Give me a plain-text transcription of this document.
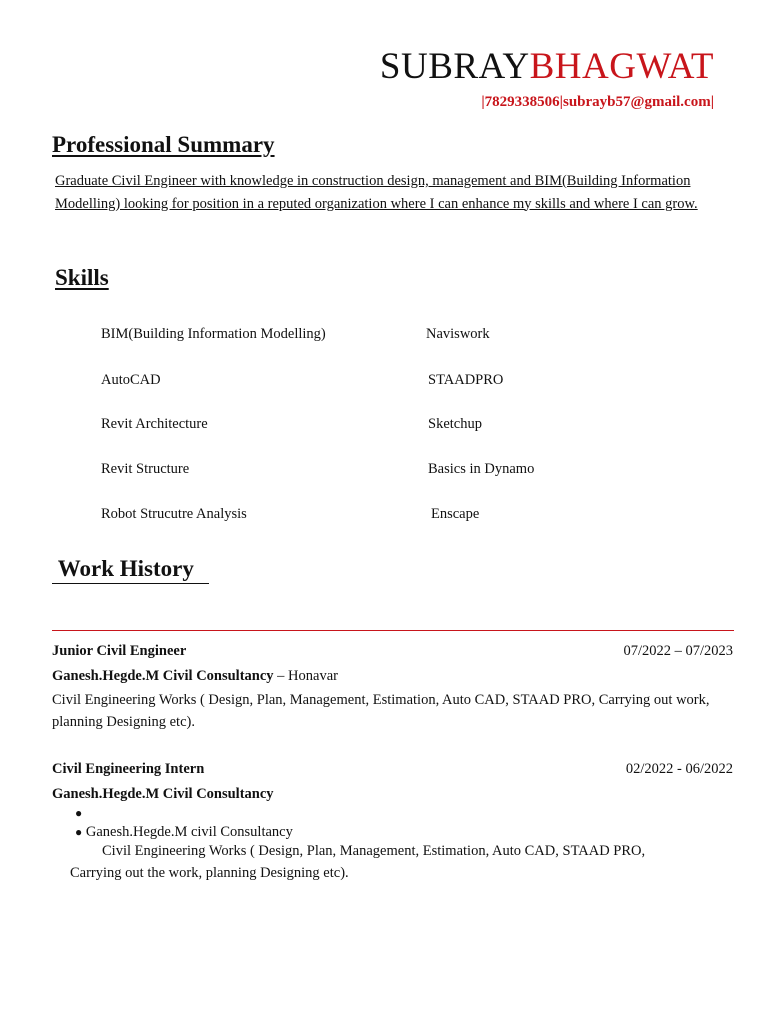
SUBRAYBHAGWAT
|7829338506|subrayb57@gmail.com|
Professional Summary
Graduate Civil Engineer with knowledge in construction design, management and BIM(Building Information Modelling) looking for position in a reputed organization where I can enhance my skills and where I can grow.
Skills
BIM(Building Information Modelling)
AutoCAD
Revit Architecture
Revit Structure
Robot Strucutre Analysis
Naviswork
STAADPRO
Sketchup
Basics in Dynamo
Enscape
Work History
Junior Civil Engineer	07/2022 – 07/2023
Ganesh.Hegde.M Civil Consultancy – Honavar
Civil Engineering Works ( Design, Plan, Management, Estimation, Auto CAD, STAAD PRO, Carrying out work, planning Designing etc).
Civil Engineering Intern	02/2022 - 06/2022
Ganesh.Hegde.M Civil Consultancy
●
● Ganesh.Hegde.M civil Consultancy
Civil Engineering Works ( Design, Plan, Management, Estimation, Auto CAD, STAAD PRO,
Carrying out the work, planning Designing etc).
